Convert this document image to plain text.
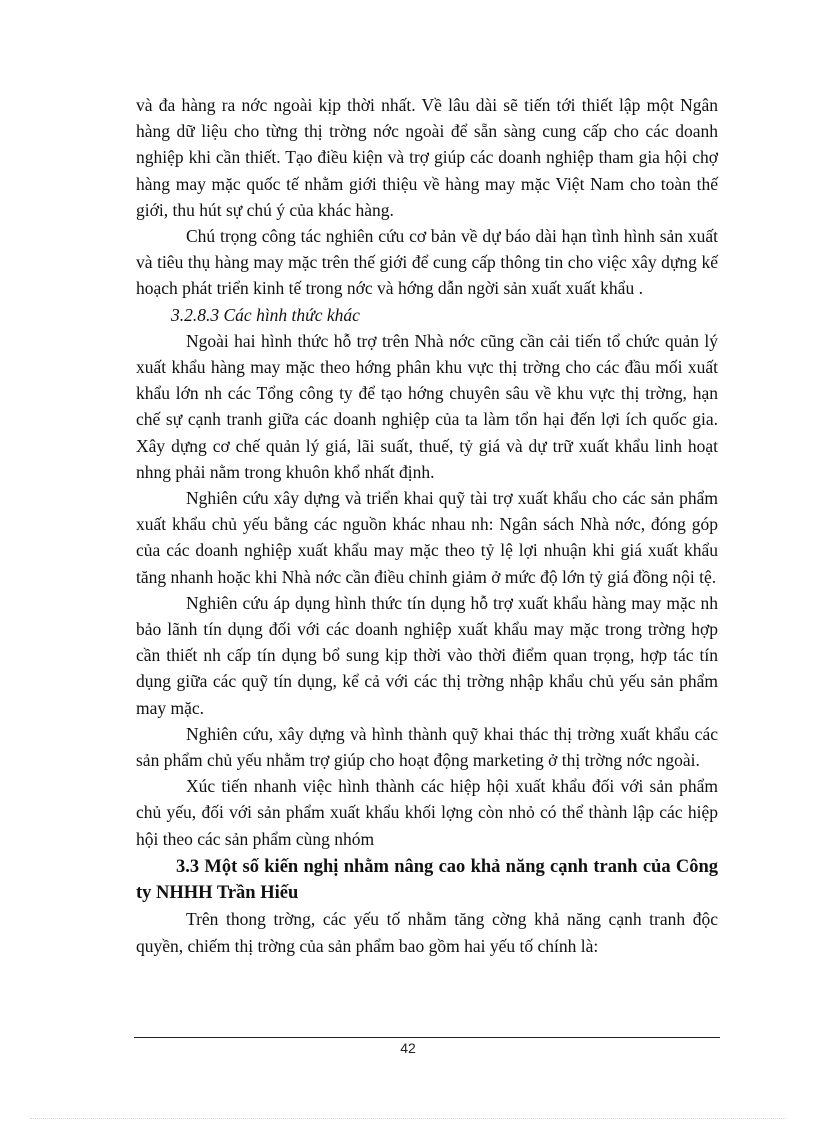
và đa hàng ra nớc ngoài kịp thời nhất. Về lâu dài sẽ tiến tới thiết lập một Ngân hàng dữ liệu cho từng thị trờng nớc ngoài để sẵn sàng cung cấp cho các doanh nghiệp khi cần thiết. Tạo điều kiện và trợ giúp các doanh nghiệp tham gia hội chợ hàng may mặc quốc tế nhằm giới thiệu về hàng may mặc Việt Nam cho toàn thế giới, thu hút sự chú ý của khác hàng.

Chú trọng công tác nghiên cứu cơ bản về dự báo dài hạn tình hình sản xuất và tiêu thụ hàng may mặc trên thế giới để cung cấp thông tin cho việc xây dựng kế hoạch phát triển kinh tế trong nớc và hớng dẫn ngời sản xuất xuất khẩu .

3.2.8.3 Các hình thức khác

Ngoài hai hình thức hỗ trợ trên Nhà nớc cũng cần cải tiến tổ chức quản lý xuất khẩu hàng may mặc theo hớng phân khu vực thị trờng cho các đầu mối xuất khẩu lớn nh các Tổng công ty để tạo hớng chuyên sâu về khu vực thị trờng, hạn chế sự cạnh tranh giữa các doanh nghiệp của ta làm tổn hại đến lợi ích quốc gia. Xây dựng cơ chế quản lý giá, lãi suất, thuế, tỷ giá và dự trữ xuất khẩu linh hoạt nhng phải nằm trong khuôn khổ nhất định.

Nghiên cứu xây dựng và triển khai quỹ tài trợ xuất khẩu cho các sản phẩm xuất khẩu chủ yếu bằng các nguồn khác nhau nh: Ngân sách Nhà nớc, đóng góp của các doanh nghiệp xuất khẩu may mặc theo tỷ lệ lợi nhuận khi giá xuất khẩu tăng nhanh hoặc khi Nhà nớc cần điều chỉnh giảm ở mức độ lớn tỷ giá đồng nội tệ.

Nghiên cứu áp dụng hình thức tín dụng hỗ trợ xuất khẩu hàng may mặc nh bảo lãnh tín dụng đối với các doanh nghiệp xuất khẩu may mặc trong trờng hợp cần thiết nh cấp tín dụng bổ sung kịp thời vào thời điểm quan trọng, hợp tác tín dụng giữa các quỹ tín dụng, kể cả với các thị trờng nhập khẩu chủ yếu sản phẩm may mặc.

Nghiên cứu, xây dựng và hình thành quỹ khai thác thị trờng xuất khẩu các sản phẩm chủ yếu nhằm trợ giúp cho hoạt động marketing ở thị trờng nớc ngoài.

Xúc tiến nhanh việc hình thành các hiệp hội xuất khẩu đối với sản phẩm chủ yếu, đối với sản phẩm xuất khẩu khối lợng còn nhỏ có thể thành lập các hiệp hội theo các sản phẩm cùng nhóm

3.3 Một số kiến nghị nhằm nâng cao khả năng cạnh tranh của Công ty NHHH Trần Hiếu

Trên thong trờng, các yếu tố nhằm tăng cờng khả năng cạnh tranh độc quyền, chiếm thị trờng của sản phẩm bao gồm hai yếu tố chính là:

42
